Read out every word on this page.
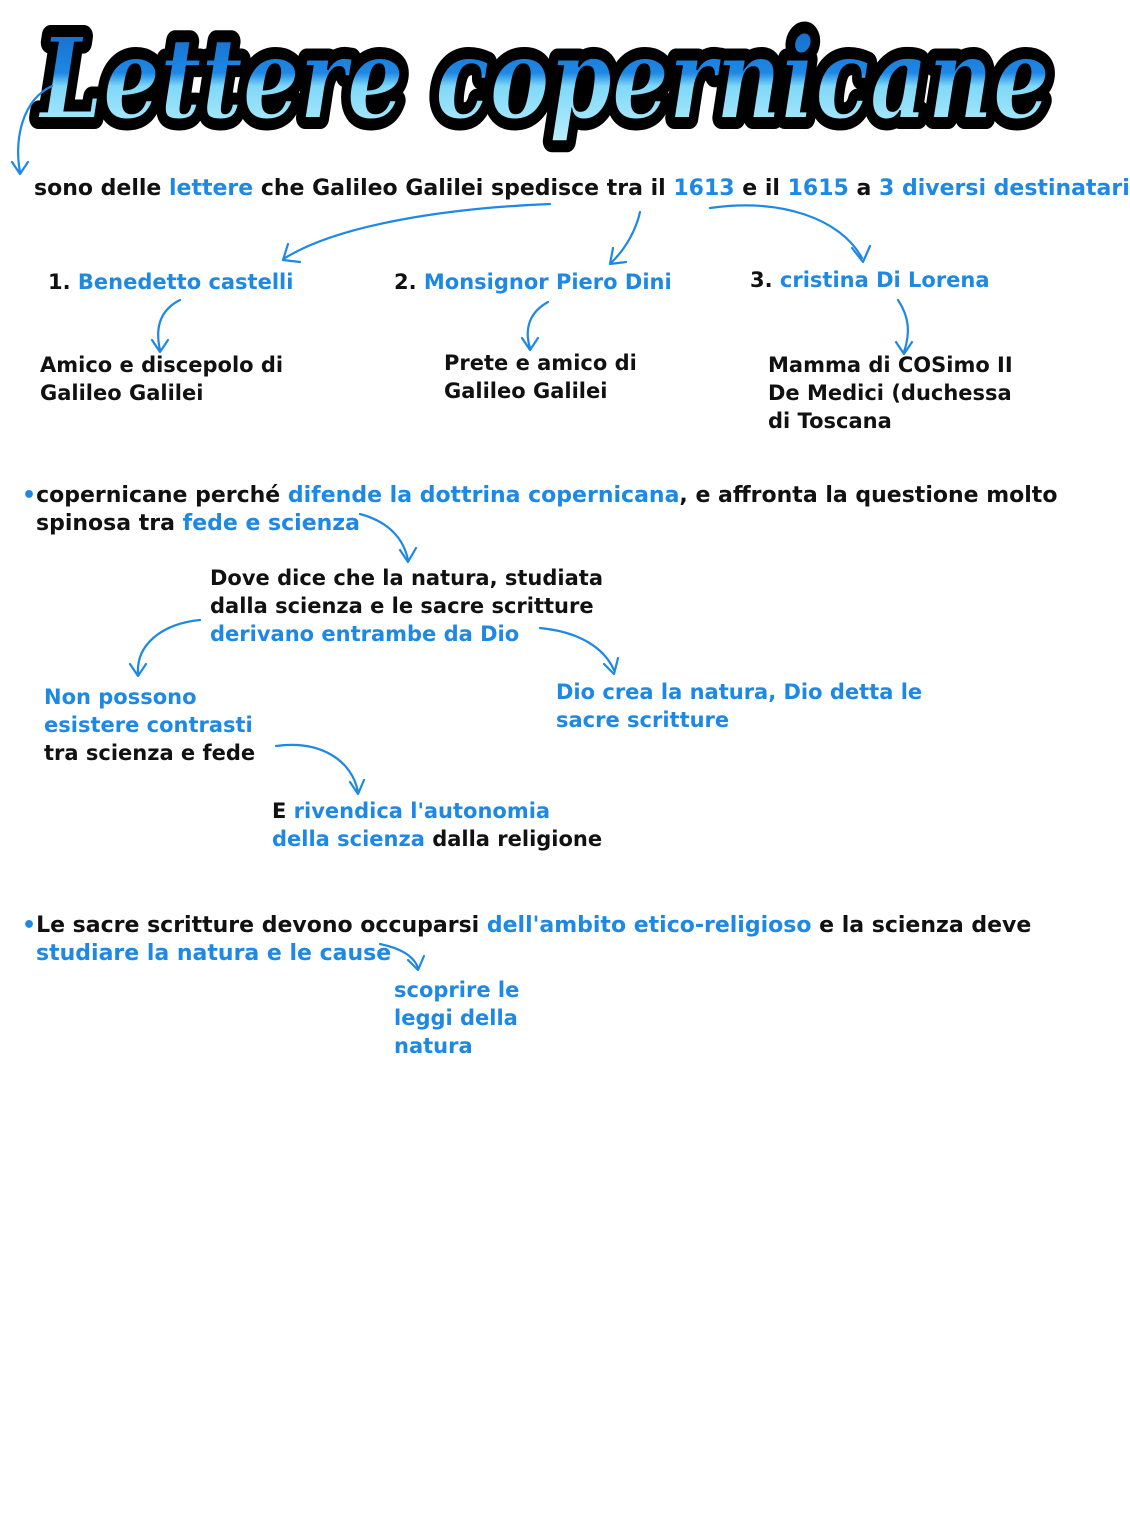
Lettere copernicane
Lettere copernicane
sono delle lettere che Galileo Galilei spedisce tra il 1613 e il 1615 a 3 diversi destinatari
1. Benedetto castelli	2. Monsignor Piero Dini	3. cristina Di Lorena
Amico e discepolo di
Galileo Galilei
Prete e amico di
Galileo Galilei
Mamma di COSimo II
De Medici (duchessa
di Toscana
•copernicane perché difende la dottrina copernicana, e affronta la questione molto
spinosa tra fede e scienza
Dove dice che la natura, studiata
dalla scienza e le sacre scritture
derivano entrambe da Dio
Non possono
esistere contrasti
tra scienza e fede
Dio crea la natura, Dio detta le
sacre scritture
E rivendica l'autonomia
della scienza dalla religione
•Le sacre scritture devono occuparsi dell'ambito etico-religioso e la scienza deve
studiare la natura e le cause
scoprire le
leggi della
natura
